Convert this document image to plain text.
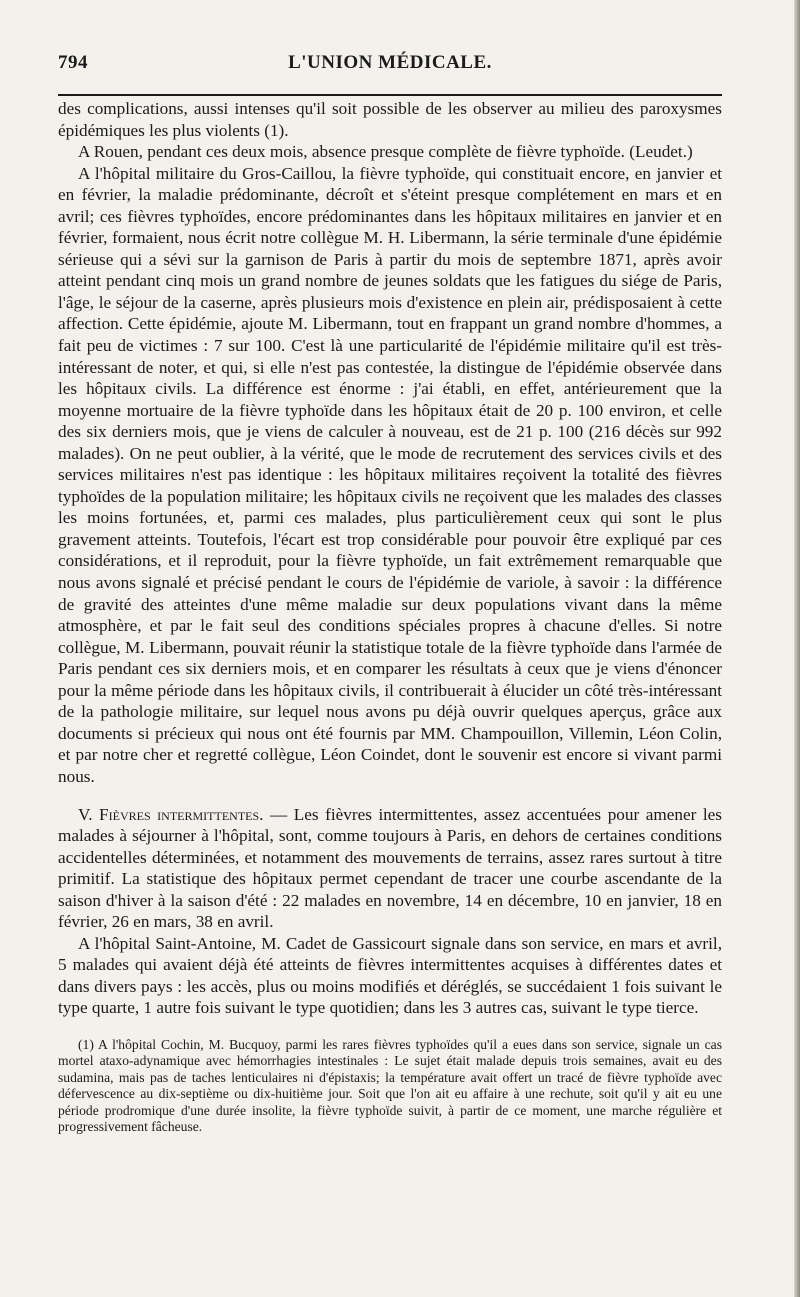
794	L'UNION MÉDICALE.

des complications, aussi intenses qu'il soit possible de les observer au milieu des paroxysmes épidémiques les plus violents (1).

A Rouen, pendant ces deux mois, absence presque complète de fièvre typhoïde. (Leudet.)

A l'hôpital militaire du Gros-Caillou, la fièvre typhoïde, qui constituait encore, en janvier et en février, la maladie prédominante, décroît et s'éteint presque complétement en mars et en avril; ces fièvres typhoïdes, encore prédominantes dans les hôpitaux militaires en janvier et en février, formaient, nous écrit notre collègue M. H. Libermann, la série terminale d'une épidémie sérieuse qui a sévi sur la garnison de Paris à partir du mois de septembre 1871, après avoir atteint pendant cinq mois un grand nombre de jeunes soldats que les fatigues du siége de Paris, l'âge, le séjour de la caserne, après plusieurs mois d'existence en plein air, prédisposaient à cette affection. Cette épidémie, ajoute M. Libermann, tout en frappant un grand nombre d'hommes, a fait peu de victimes : 7 sur 100. C'est là une particularité de l'épidémie militaire qu'il est très-intéressant de noter, et qui, si elle n'est pas contestée, la distingue de l'épidémie observée dans les hôpitaux civils. La différence est énorme : j'ai établi, en effet, antérieurement que la moyenne mortuaire de la fièvre typhoïde dans les hôpitaux était de 20 p. 100 environ, et celle des six derniers mois, que je viens de calculer à nouveau, est de 21 p. 100 (216 décès sur 992 malades). On ne peut oublier, à la vérité, que le mode de recrutement des services civils et des services militaires n'est pas identique : les hôpitaux militaires reçoivent la totalité des fièvres typhoïdes de la population militaire; les hôpitaux civils ne reçoivent que les malades des classes les moins fortunées, et, parmi ces malades, plus particulièrement ceux qui sont le plus gravement atteints. Toutefois, l'écart est trop considérable pour pouvoir être expliqué par ces considérations, et il reproduit, pour la fièvre typhoïde, un fait extrêmement remarquable que nous avons signalé et précisé pendant le cours de l'épidémie de variole, à savoir : la différence de gravité des atteintes d'une même maladie sur deux populations vivant dans la même atmosphère, et par le fait seul des conditions spéciales propres à chacune d'elles. Si notre collègue, M. Libermann, pouvait réunir la statistique totale de la fièvre typhoïde dans l'armée de Paris pendant ces six derniers mois, et en comparer les résultats à ceux que je viens d'énoncer pour la même période dans les hôpitaux civils, il contribuerait à élucider un côté très-intéressant de la pathologie militaire, sur lequel nous avons pu déjà ouvrir quelques aperçus, grâce aux documents si précieux qui nous ont été fournis par MM. Champouillon, Villemin, Léon Colin, et par notre cher et regretté collègue, Léon Coindet, dont le souvenir est encore si vivant parmi nous.

V. Fièvres intermittentes. — Les fièvres intermittentes, assez accentuées pour amener les malades à séjourner à l'hôpital, sont, comme toujours à Paris, en dehors de certaines conditions accidentelles déterminées, et notamment des mouvements de terrains, assez rares surtout à titre primitif. La statistique des hôpitaux permet cependant de tracer une courbe ascendante de la saison d'hiver à la saison d'été : 22 malades en novembre, 14 en décembre, 10 en janvier, 18 en février, 26 en mars, 38 en avril.

A l'hôpital Saint-Antoine, M. Cadet de Gassicourt signale dans son service, en mars et avril, 5 malades qui avaient déjà été atteints de fièvres intermittentes acquises à différentes dates et dans divers pays : les accès, plus ou moins modifiés et déréglés, se succédaient 1 fois suivant le type quarte, 1 autre fois suivant le type quotidien; dans les 3 autres cas, suivant le type tierce.

(1) A l'hôpital Cochin, M. Bucquoy, parmi les rares fièvres typhoïdes qu'il a eues dans son service, signale un cas mortel ataxo-adynamique avec hémorrhagies intestinales : Le sujet était malade depuis trois semaines, avait eu des sudamina, mais pas de taches lenticulaires ni d'épistaxis; la température avait offert un tracé de fièvre typhoïde avec défervescence au dix-septième ou dix-huitième jour. Soit que l'on ait eu affaire à une rechute, soit qu'il y ait eu une période prodromique d'une durée insolite, la fièvre typhoïde suivit, à partir de ce moment, une marche régulière et progressivement fâcheuse.
